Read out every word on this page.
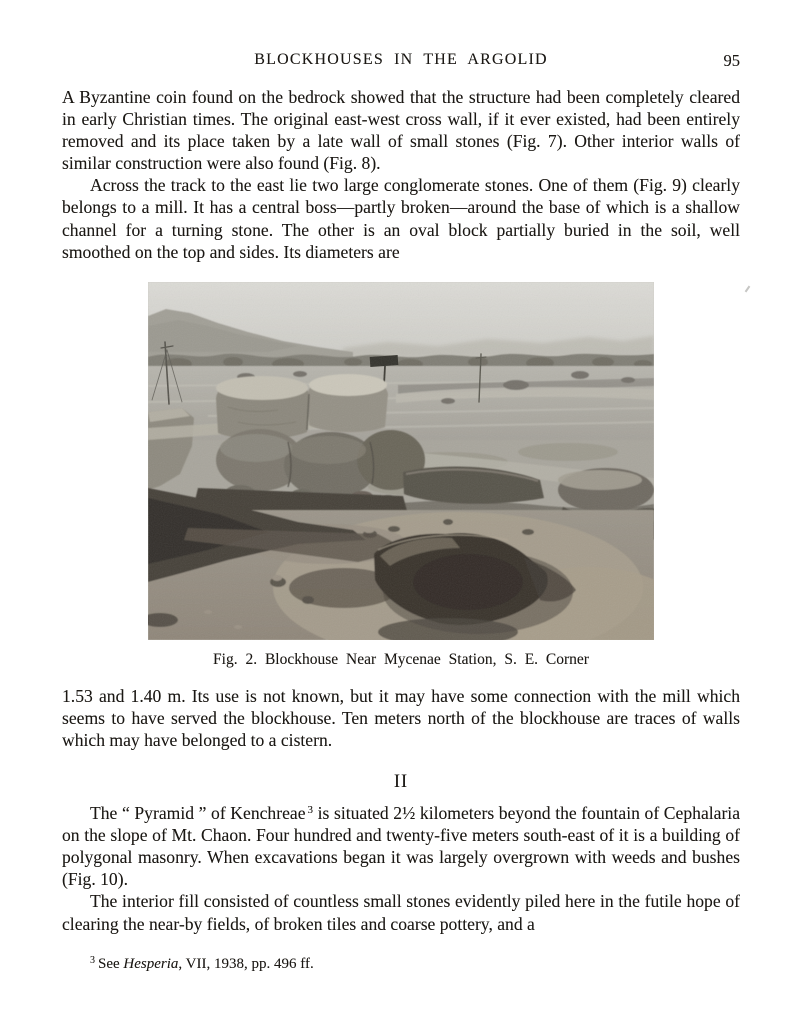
BLOCKHOUSES IN THE ARGOLID	95

A Byzantine coin found on the bedrock showed that the structure had been completely cleared in early Christian times. The original east-west cross wall, if it ever existed, had been entirely removed and its place taken by a late wall of small stones (Fig. 7). Other interior walls of similar construction were also found (Fig. 8).

Across the track to the east lie two large conglomerate stones. One of them (Fig. 9) clearly belongs to a mill. It has a central boss—partly broken—around the base of which is a shallow channel for a turning stone. The other is an oval block partially buried in the soil, well smoothed on the top and sides. Its diameters are

Fig. 2. Blockhouse Near Mycenae Station, S. E. Corner

1.53 and 1.40 m. Its use is not known, but it may have some connection with the mill which seems to have served the blockhouse. Ten meters north of the blockhouse are traces of walls which may have belonged to a cistern.

II

The “ Pyramid ” of Kenchreae $^3$ is situated 2½ kilometers beyond the fountain of Cephalaria on the slope of Mt. Chaon. Four hundred and twenty-five meters south-east of it is a building of polygonal masonry. When excavations began it was largely overgrown with weeds and bushes (Fig. 10).

The interior fill consisted of countless small stones evidently piled here in the futile hope of clearing the near-by fields, of broken tiles and coarse pottery, and a

$^3$ See Hesperia, VII, 1938, pp. 496 ff.
